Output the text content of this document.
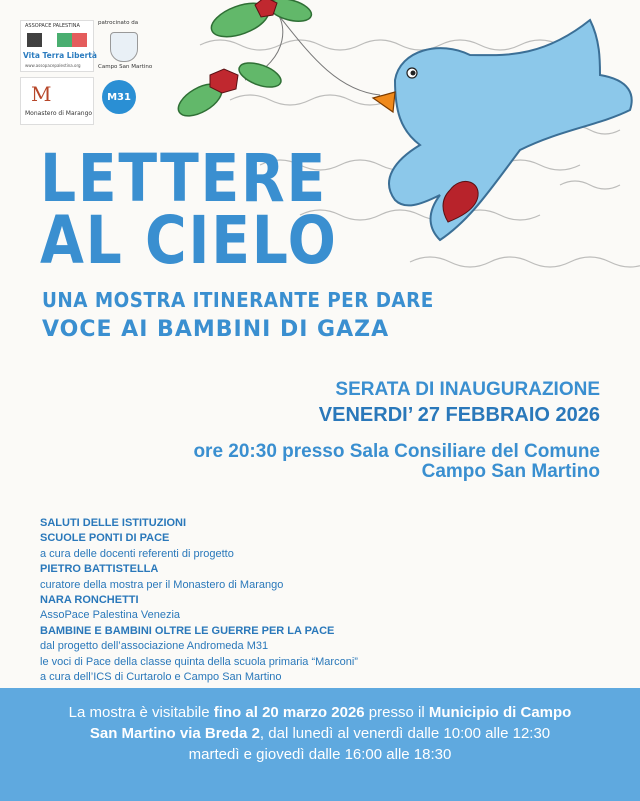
ASSOPACE PALESTINA
Vita Terra Libertà
www.assopacepalestina.org
patrocinato da
Campo San Martino
M
Monastero di Marango
M31
LETTERE
AL CIELO
UNA MOSTRA ITINERANTE PER DARE
VOCE AI BAMBINI DI GAZA
SERATA DI INAUGURAZIONE
VENERDI’ 27 FEBBRAIO 2026
ore 20:30 presso Sala Consiliare del Comune
Campo San Martino
SALUTI DELLE ISTITUZIONI
SCUOLE PONTI DI PACE
a cura delle docenti referenti di progetto
PIETRO BATTISTELLA
curatore della mostra per il Monastero di Marango
NARA RONCHETTI
AssoPace Palestina Venezia
BAMBINE E BAMBINI OLTRE LE GUERRE PER LA PACE
dal progetto dell’associazione Andromeda M31
le voci di Pace della classe quinta della scuola primaria “Marconi”
a cura dell’ICS di Curtarolo e Campo San Martino
La mostra è visitabile fino al 20 marzo 2026 presso il Municipio di Campo
San Martino via Breda 2, dal lunedì al venerdì dalle 10:00 alle 12:30
martedì e giovedì dalle 16:00 alle 18:30
